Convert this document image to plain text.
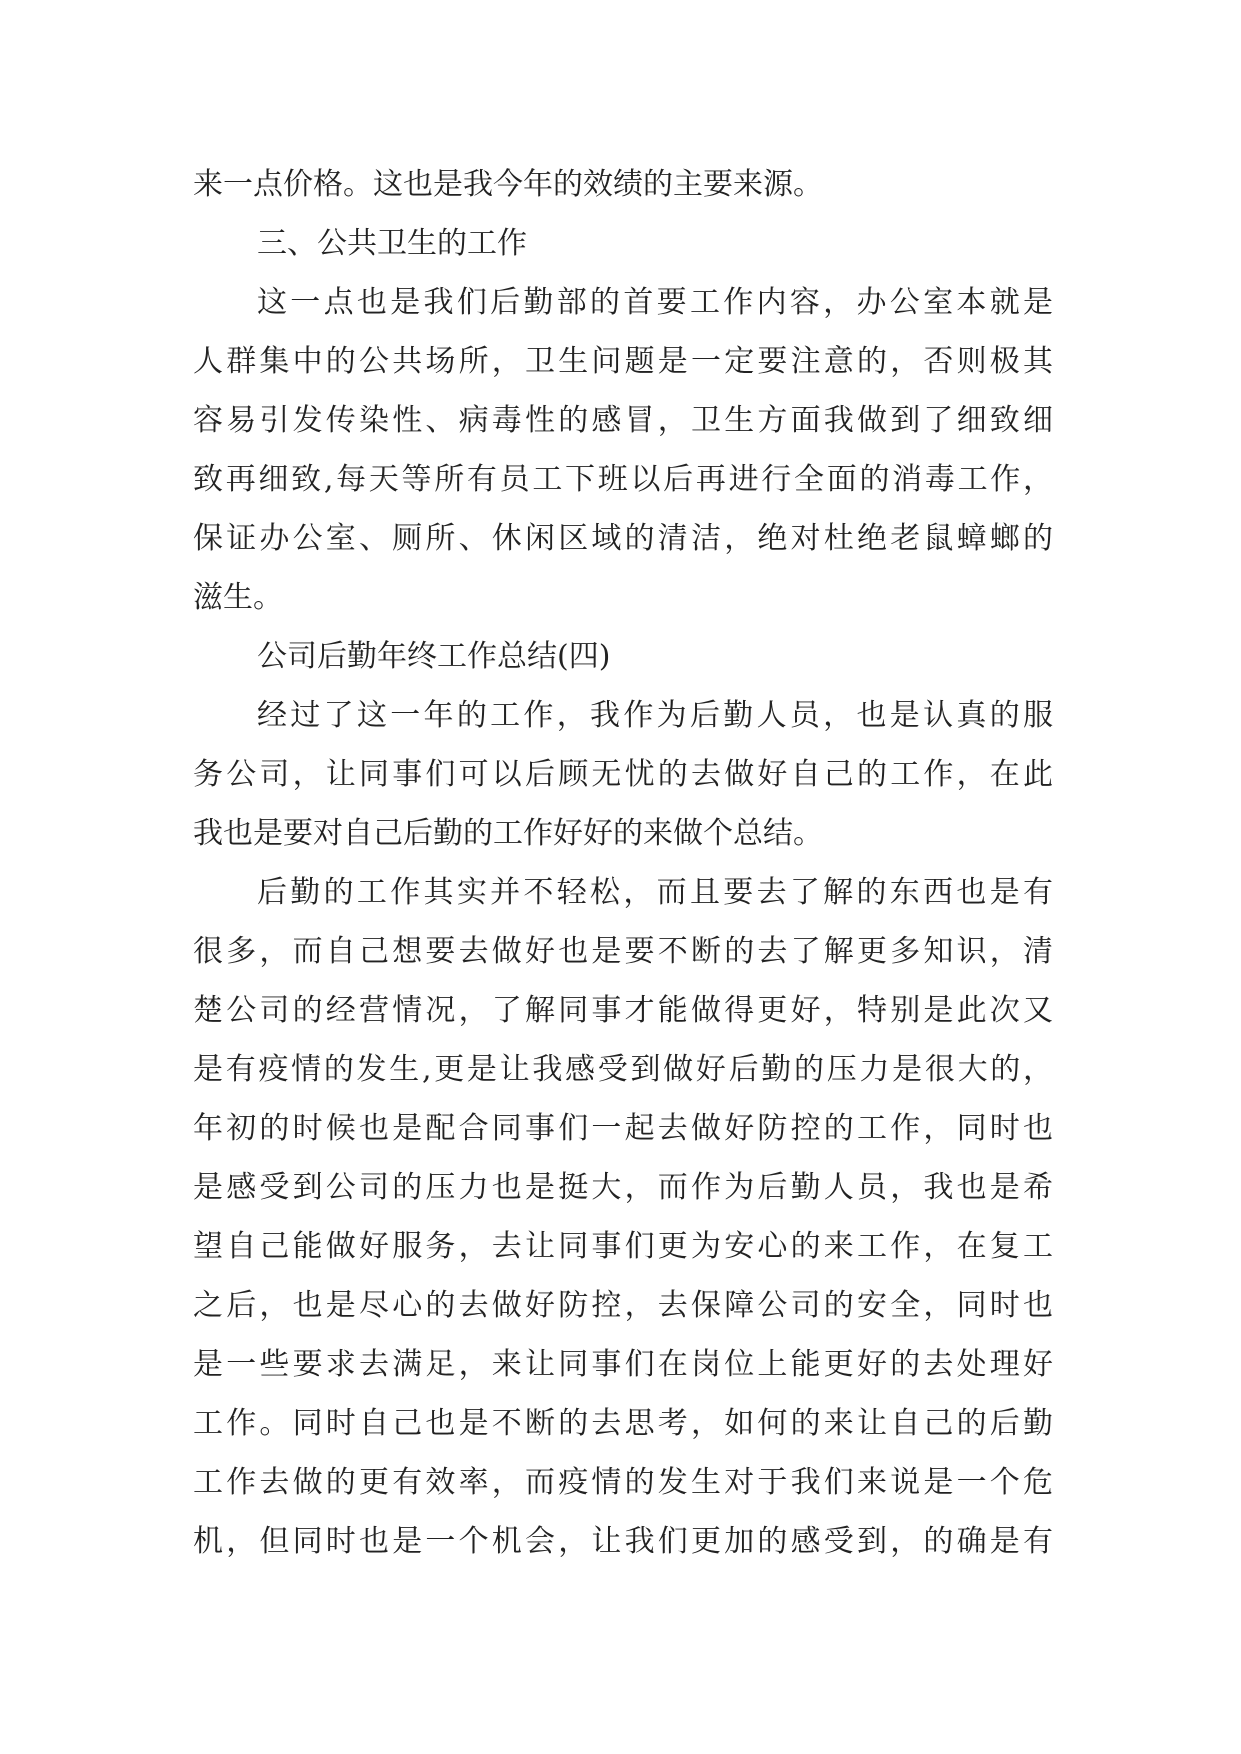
来一点价格。这也是我今年的效绩的主要来源。
三、公共卫生的工作
这一点也是我们后勤部的首要工作内容，办公室本就是
人群集中的公共场所，卫生问题是一定要注意的，否则极其
容易引发传染性、病毒性的感冒，卫生方面我做到了细致细
致再细致,每天等所有员工下班以后再进行全面的消毒工作，
保证办公室、厕所、休闲区域的清洁，绝对杜绝老鼠蟑螂的
滋生。
公司后勤年终工作总结(四)
经过了这一年的工作，我作为后勤人员，也是认真的服
务公司，让同事们可以后顾无忧的去做好自己的工作，在此
我也是要对自己后勤的工作好好的来做个总结。
后勤的工作其实并不轻松，而且要去了解的东西也是有
很多，而自己想要去做好也是要不断的去了解更多知识，清
楚公司的经营情况，了解同事才能做得更好，特别是此次又
是有疫情的发生,更是让我感受到做好后勤的压力是很大的，
年初的时候也是配合同事们一起去做好防控的工作，同时也
是感受到公司的压力也是挺大，而作为后勤人员，我也是希
望自己能做好服务，去让同事们更为安心的来工作，在复工
之后，也是尽心的去做好防控，去保障公司的安全，同时也
是一些要求去满足，来让同事们在岗位上能更好的去处理好
工作。同时自己也是不断的去思考，如何的来让自己的后勤
工作去做的更有效率，而疫情的发生对于我们来说是一个危
机，但同时也是一个机会，让我们更加的感受到，的确是有
